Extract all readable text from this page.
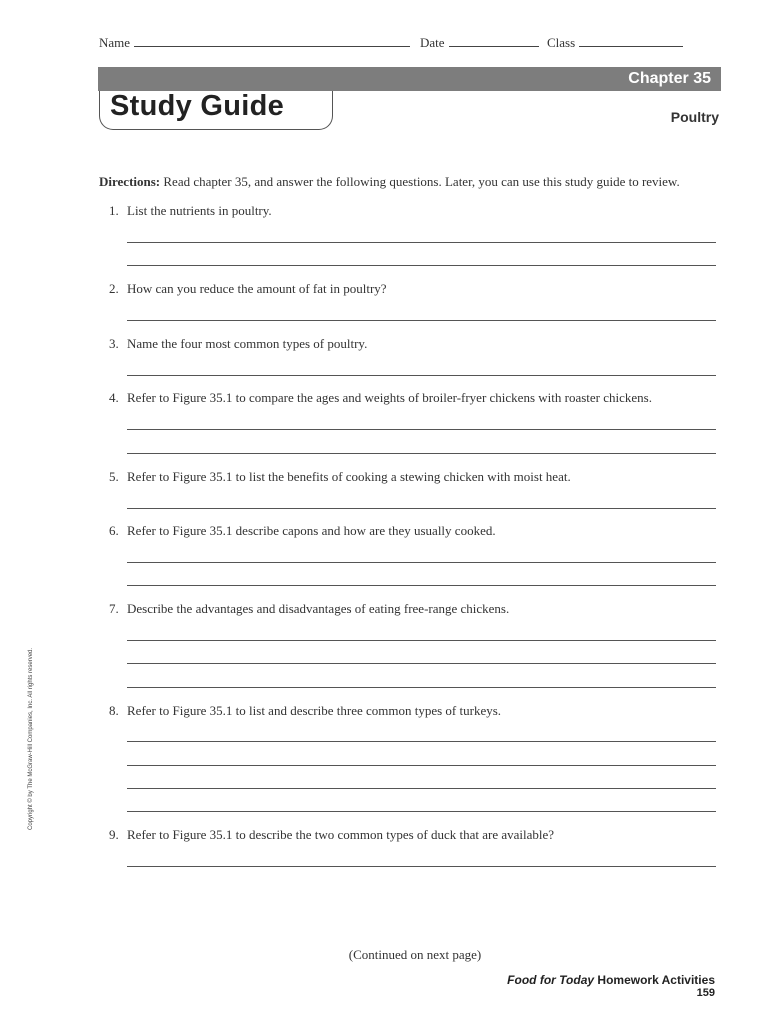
Name	Date	Class
Chapter 35
Study Guide	Poultry
Directions: Read chapter 35, and answer the following questions. Later, you can use this study guide to review.
1. List the nutrients in poultry.
2. How can you reduce the amount of fat in poultry?
3. Name the four most common types of poultry.
4. Refer to Figure 35.1 to compare the ages and weights of broiler-fryer chickens with roaster chickens.
5. Refer to Figure 35.1 to list the benefits of cooking a stewing chicken with moist heat.
6. Refer to Figure 35.1 describe capons and how are they usually cooked.
7. Describe the advantages and disadvantages of eating free-range chickens.
8. Refer to Figure 35.1 to list and describe three common types of turkeys.
9. Refer to Figure 35.1 to describe the two common types of duck that are available?
Copyright © by The McGraw-Hill Companies, Inc. All rights reserved.
(Continued on next page)
Food for Today Homework Activities
159
